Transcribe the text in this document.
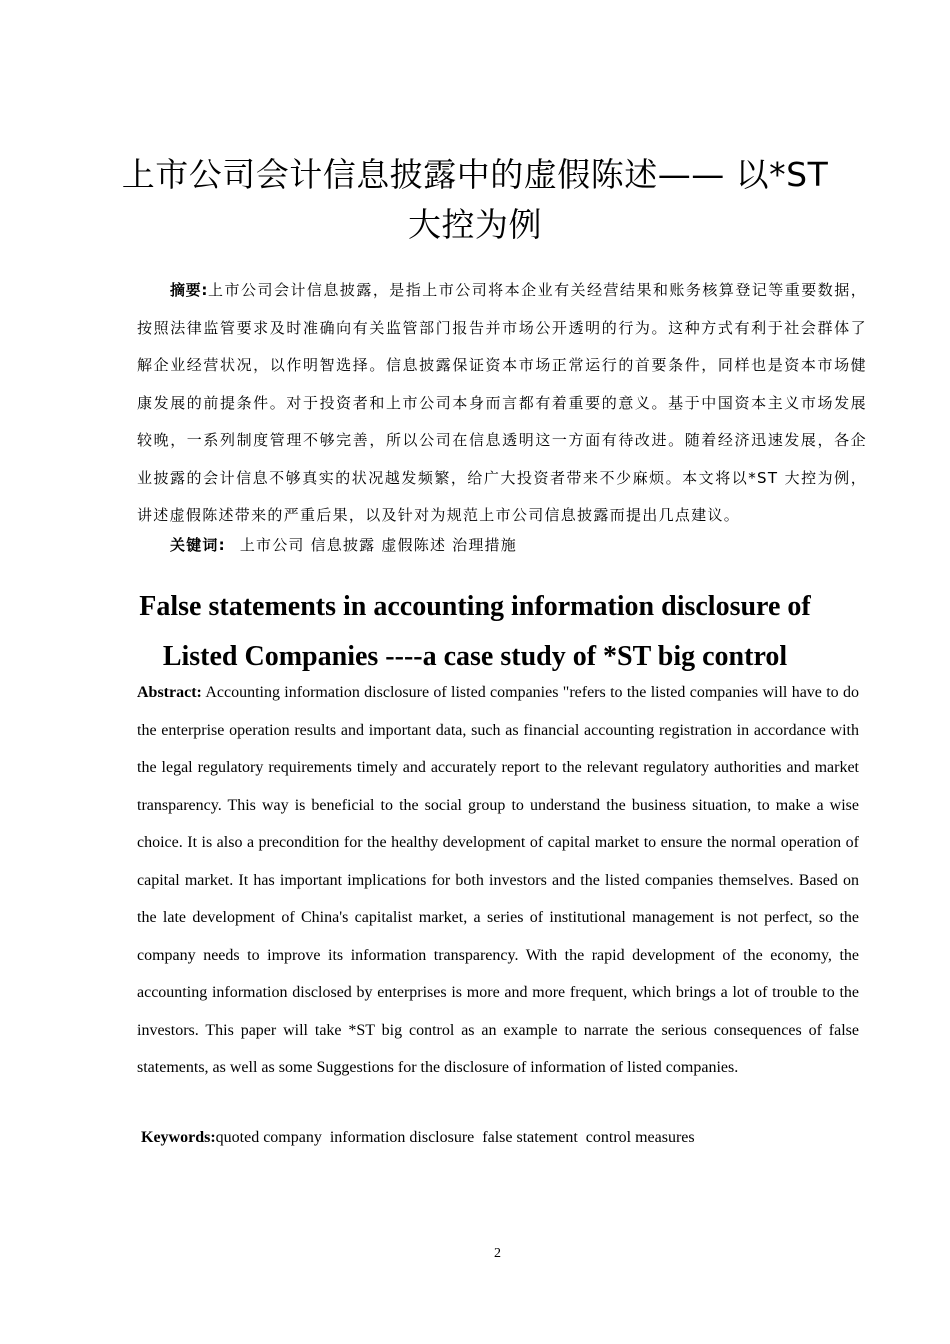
上市公司会计信息披露中的虚假陈述—— 以*ST 大控为例
摘要:上市公司会计信息披露，是指上市公司将本企业有关经营结果和账务核算登记等重要数据，按照法律监管要求及时准确向有关监管部门报告并市场公开透明的行为。这种方式有利于社会群体了解企业经营状况，以作明智选择。信息披露保证资本市场正常运行的首要条件，同样也是资本市场健康发展的前提条件。对于投资者和上市公司本身而言都有着重要的意义。基于中国资本主义市场发展较晚，一系列制度管理不够完善，所以公司在信息透明这一方面有待改进。随着经济迅速发展，各企业披露的会计信息不够真实的状况越发频繁，给广大投资者带来不少麻烦。本文将以*ST 大控为例，讲述虚假陈述带来的严重后果，以及针对为规范上市公司信息披露而提出几点建议。
关键词: 上市公司 信息披露 虚假陈述 治理措施
False statements in accounting information disclosure of Listed Companies ----a case study of *ST big control
Abstract: Accounting information disclosure of listed companies "refers to the listed companies will have to do the enterprise operation results and important data, such as financial accounting registration in accordance with the legal regulatory requirements timely and accurately report to the relevant regulatory authorities and market transparency. This way is beneficial to the social group to understand the business situation, to make a wise choice. It is also a precondition for the healthy development of capital market to ensure the normal operation of capital market. It has important implications for both investors and the listed companies themselves. Based on the late development of China's capitalist market, a series of institutional management is not perfect, so the company needs to improve its information transparency. With the rapid development of the economy, the accounting information disclosed by enterprises is more and more frequent, which brings a lot of trouble to the investors. This paper will take *ST big control as an example to narrate the serious consequences of false statements, as well as some Suggestions for the disclosure of information of listed companies.
Keywords:quoted company  information disclosure  false statement  control measures
2
